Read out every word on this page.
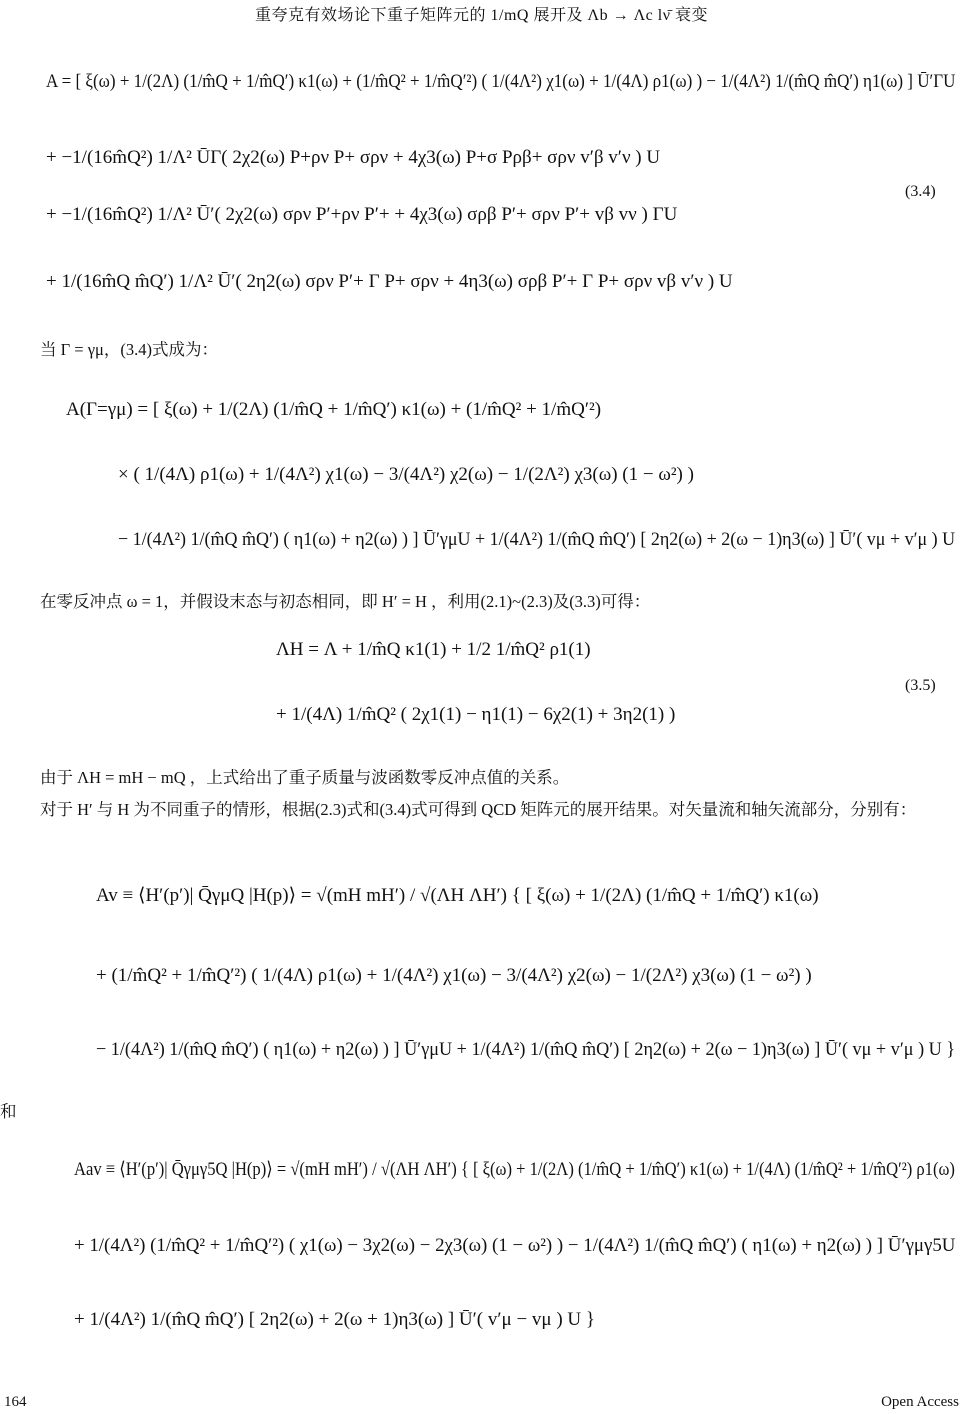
重夸克有效场论下重子矩阵元的 1/mQ 展开及 Λb → Λc lν̄ 衰变
A = [ ξ(ω) + 1/(2Λ) (1/m̂Q + 1/m̂Q′) κ1(ω) + (1/m̂Q² + 1/m̂Q′²) ( 1/(4Λ²) χ1(ω) + 1/(4Λ) ρ1(ω) ) − 1/(4Λ²) 1/(m̂Q m̂Q′) η1(ω) ] Ū′ΓU
+ −1/(16m̂Q²) 1/Λ² ŪΓ( 2χ2(ω) P+ρν P+ σρν + 4χ3(ω) P+σ Pρβ+ σρν v′β v′ν ) U
+ −1/(16m̂Q²) 1/Λ² Ū′( 2χ2(ω) σρν P′+ρν P′+ + 4χ3(ω) σρβ P′+ σρν P′+ vβ vν ) ΓU
+ 1/(16m̂Q m̂Q′) 1/Λ² Ū′( 2η2(ω) σρν P′+ Γ P+ σρν + 4η3(ω) σρβ P′+ Γ P+ σρν vβ v′ν ) U
(3.4)
当 Γ = γμ，(3.4)式成为：
A(Γ=γμ) = [ ξ(ω) + 1/(2Λ) (1/m̂Q + 1/m̂Q′) κ1(ω) + (1/m̂Q² + 1/m̂Q′²)
× ( 1/(4Λ) ρ1(ω) + 1/(4Λ²) χ1(ω) − 3/(4Λ²) χ2(ω) − 1/(2Λ²) χ3(ω) (1 − ω²) )
− 1/(4Λ²) 1/(m̂Q m̂Q′) ( η1(ω) + η2(ω) ) ] Ū′γμU + 1/(4Λ²) 1/(m̂Q m̂Q′) [ 2η2(ω) + 2(ω − 1)η3(ω) ] Ū′( vμ + v′μ ) U
在零反冲点 ω = 1，并假设末态与初态相同，即 H′ = H ，利用(2.1)~(2.3)及(3.3)可得：
ΛH = Λ + 1/m̂Q κ1(1) + 1/2 1/m̂Q² ρ1(1)
+ 1/(4Λ) 1/m̂Q² ( 2χ1(1) − η1(1) − 6χ2(1) + 3η2(1) )
(3.5)
由于 ΛH = mH − mQ ，上式给出了重子质量与波函数零反冲点值的关系。
对于 H′ 与 H 为不同重子的情形，根据(2.3)式和(3.4)式可得到 QCD 矩阵元的展开结果。对矢量流和轴矢流部分，分别有：
Av ≡ ⟨H′(p′)| Q̄γμQ |H(p)⟩ = √(mH mH′) / √(ΛH ΛH′) { [ ξ(ω) + 1/(2Λ) (1/m̂Q + 1/m̂Q′) κ1(ω)
+ (1/m̂Q² + 1/m̂Q′²) ( 1/(4Λ) ρ1(ω) + 1/(4Λ²) χ1(ω) − 3/(4Λ²) χ2(ω) − 1/(2Λ²) χ3(ω) (1 − ω²) )
− 1/(4Λ²) 1/(m̂Q m̂Q′) ( η1(ω) + η2(ω) ) ] Ū′γμU + 1/(4Λ²) 1/(m̂Q m̂Q′) [ 2η2(ω) + 2(ω − 1)η3(ω) ] Ū′( vμ + v′μ ) U }
和
Aav ≡ ⟨H′(p′)| Q̄γμγ5Q |H(p)⟩ = √(mH mH′) / √(ΛH ΛH′) { [ ξ(ω) + 1/(2Λ) (1/m̂Q + 1/m̂Q′) κ1(ω) + 1/(4Λ) (1/m̂Q² + 1/m̂Q′²) ρ1(ω)
+ 1/(4Λ²) (1/m̂Q² + 1/m̂Q′²) ( χ1(ω) − 3χ2(ω) − 2χ3(ω) (1 − ω²) ) − 1/(4Λ²) 1/(m̂Q m̂Q′) ( η1(ω) + η2(ω) ) ] Ū′γμγ5U
+ 1/(4Λ²) 1/(m̂Q m̂Q′) [ 2η2(ω) + 2(ω + 1)η3(ω) ] Ū′( v′μ − vμ ) U }
164	Open Access
